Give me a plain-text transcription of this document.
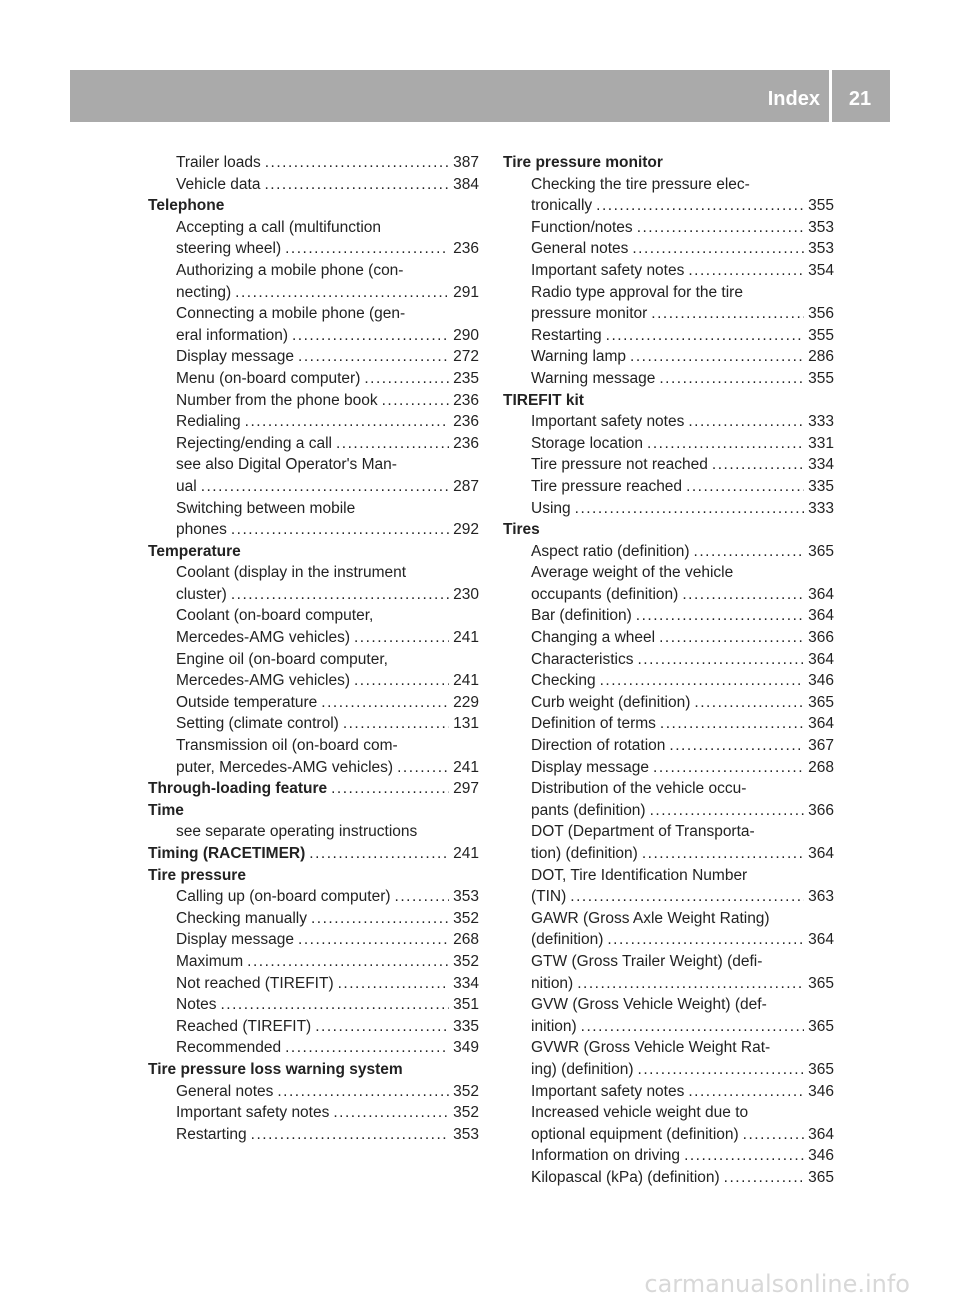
Index	21
Trailer loads .....	387
Vehicle data .....	384
Telephone
Accepting a call (multifunction
steering wheel) .....	236
Authorizing a mobile phone (con-
necting) .....	291
Connecting a mobile phone (gen-
eral information) .....	290
Display message .....	272
Menu (on-board computer) .....	235
Number from the phone book .....	236
Redialing .....	236
Rejecting/ending a call .....	236
see also Digital Operator's Man-
ual .....	287
Switching between mobile
phones .....	292
Temperature
Coolant (display in the instrument
cluster) .....	230
Coolant (on-board computer,
Mercedes-AMG vehicles) .....	241
Engine oil (on-board computer,
Mercedes-AMG vehicles) .....	241
Outside temperature .....	229
Setting (climate control) .....	131
Transmission oil (on-board com-
puter, Mercedes-AMG vehicles) .....	241
Through-loading feature .....	297
Time
see separate operating instructions
Timing (RACETIMER) .....	241
Tire pressure
Calling up (on-board computer) .....	353
Checking manually .....	352
Display message .....	268
Maximum .....	352
Not reached (TIREFIT) .....	334
Notes .....	351
Reached (TIREFIT) .....	335
Recommended .....	349
Tire pressure loss warning system
General notes .....	352
Important safety notes .....	352
Restarting .....	353
Tire pressure monitor
Checking the tire pressure elec-
tronically .....	355
Function/notes .....	353
General notes .....	353
Important safety notes .....	354
Radio type approval for the tire
pressure monitor .....	356
Restarting .....	355
Warning lamp .....	286
Warning message .....	355
TIREFIT kit
Important safety notes .....	333
Storage location .....	331
Tire pressure not reached .....	334
Tire pressure reached .....	335
Using .....	333
Tires
Aspect ratio (definition) .....	365
Average weight of the vehicle
occupants (definition) .....	364
Bar (definition) .....	364
Changing a wheel .....	366
Characteristics .....	364
Checking .....	346
Curb weight (definition) .....	365
Definition of terms .....	364
Direction of rotation .....	367
Display message .....	268
Distribution of the vehicle occu-
pants (definition) .....	366
DOT (Department of Transporta-
tion) (definition) .....	364
DOT, Tire Identification Number
(TIN) .....	363
GAWR (Gross Axle Weight Rating)
(definition) .....	364
GTW (Gross Trailer Weight) (defi-
nition) .....	365
GVW (Gross Vehicle Weight) (def-
inition) .....	365
GVWR (Gross Vehicle Weight Rat-
ing) (definition) .....	365
Important safety notes .....	346
Increased vehicle weight due to
optional equipment (definition) .....	364
Information on driving .....	346
Kilopascal (kPa) (definition) .....	365
carmanualsonline.info
